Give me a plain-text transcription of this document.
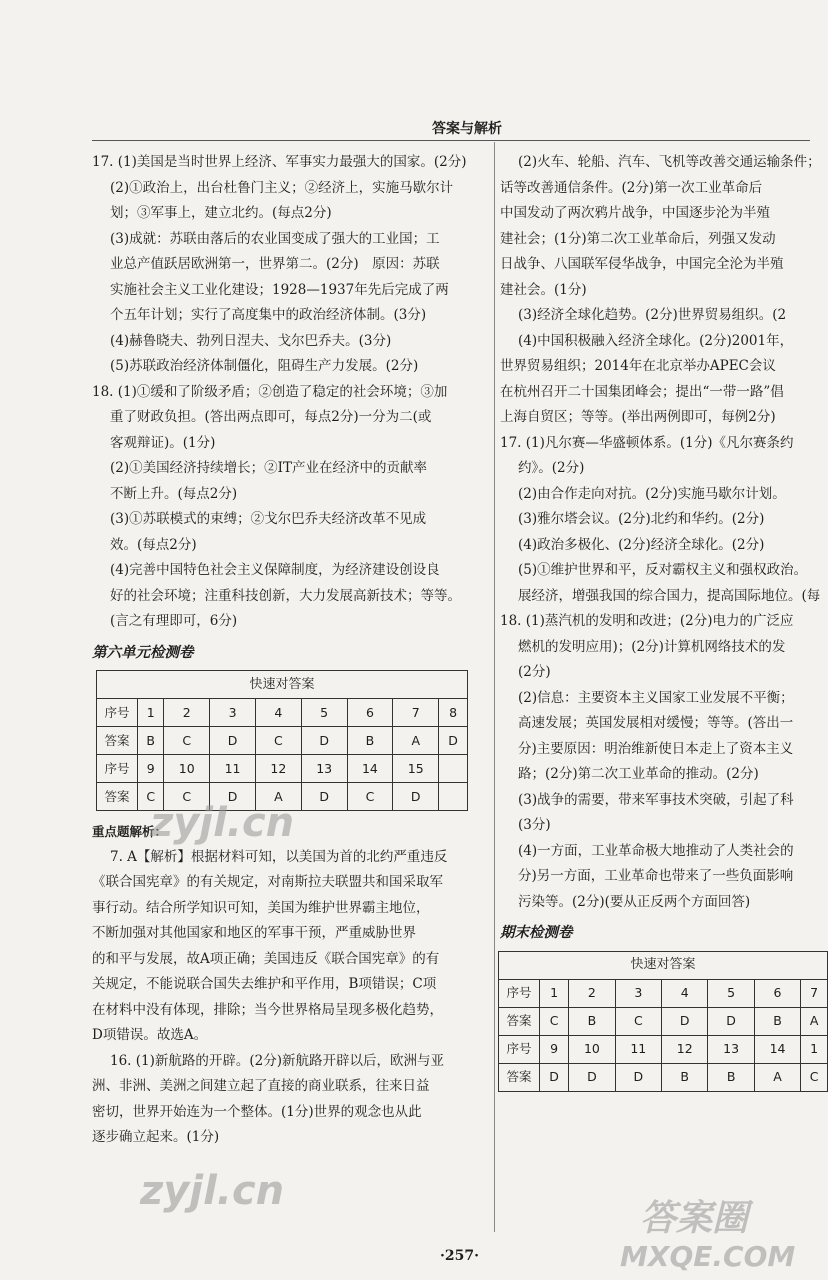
答案与解析

17. (1)美国是当时世界上经济、军事实力最强大的国家。(2分)

(2)①政治上，出台杜鲁门主义；②经济上，实施马歇尔计

划；③军事上，建立北约。(每点2分)

(3)成就：苏联由落后的农业国变成了强大的工业国；工

业总产值跃居欧洲第一，世界第二。(2分)　原因：苏联

实施社会主义工业化建设；1928—1937年先后完成了两

个五年计划；实行了高度集中的政治经济体制。(3分)

(4)赫鲁晓夫、勃列日涅夫、戈尔巴乔夫。(3分)

(5)苏联政治经济体制僵化，阻碍生产力发展。(2分)

18. (1)①缓和了阶级矛盾；②创造了稳定的社会环境；③加

重了财政负担。(答出两点即可，每点2分)一分为二(或

客观辩证)。(1分)

(2)①美国经济持续增长；②IT产业在经济中的贡献率

不断上升。(每点2分)

(3)①苏联模式的束缚；②戈尔巴乔夫经济改革不见成

效。(每点2分)

(4)完善中国特色社会主义保障制度，为经济建设创设良

好的社会环境；注重科技创新，大力发展高新技术；等等。

(言之有理即可，6分)

第六单元检测卷

快速对答案								
序号	1	2	3	4	5	6	7	8
答案	B	C	D	C	D	B	A	D
序号	9	10	11	12	13	14	15	
答案	C	C	D	A	D	C	D	

重点题解析：

7. A【解析】根据材料可知，以美国为首的北约严重违反

《联合国宪章》的有关规定，对南斯拉夫联盟共和国采取军

事行动。结合所学知识可知，美国为维护世界霸主地位，

不断加强对其他国家和地区的军事干预，严重威胁世界

的和平与发展，故A项正确；美国违反《联合国宪章》的有

关规定，不能说联合国失去维护和平作用，B项错误；C项

在材料中没有体现，排除；当今世界格局呈现多极化趋势，

D项错误。故选A。

16. (1)新航路的开辟。(2分)新航路开辟以后，欧洲与亚

洲、非洲、美洲之间建立起了直接的商业联系，往来日益

密切，世界开始连为一个整体。(1分)世界的观念也从此

逐步确立起来。(1分)

(2)火车、轮船、汽车、飞机等改善交通运输条件；

话等改善通信条件。(2分)第一次工业革命后

中国发动了两次鸦片战争，中国逐步沦为半殖

建社会；(1分)第二次工业革命后，列强又发动

日战争、八国联军侵华战争，中国完全沦为半殖

建社会。(1分)

(3)经济全球化趋势。(2分)世界贸易组织。(2

(4)中国积极融入经济全球化。(2分)2001年，

世界贸易组织；2014年在北京举办APEC会议

在杭州召开二十国集团峰会；提出“一带一路”倡

上海自贸区；等等。(举出两例即可，每例2分)

17. (1)凡尔赛—华盛顿体系。(1分)《凡尔赛条约

约》。(2分)

(2)由合作走向对抗。(2分)实施马歇尔计划。

(3)雅尔塔会议。(2分)北约和华约。(2分)

(4)政治多极化、(2分)经济全球化。(2分)

(5)①维护世界和平，反对霸权主义和强权政治。

展经济，增强我国的综合国力，提高国际地位。(每

18. (1)蒸汽机的发明和改进；(2分)电力的广泛应

燃机的发明应用)；(2分)计算机网络技术的发

(2分)

(2)信息：主要资本主义国家工业发展不平衡；

高速发展；英国发展相对缓慢；等等。(答出一

分)主要原因：明治维新使日本走上了资本主义

路；(2分)第二次工业革命的推动。(2分)

(3)战争的需要，带来军事技术突破，引起了科

(3分)

(4)一方面，工业革命极大地推动了人类社会的

分)另一方面，工业革命也带来了一些负面影响

污染等。(2分)(要从正反两个方面回答)

期末检测卷

快速对答案							
序号	1	2	3	4	5	6	7
答案	C	B	C	D	D	B	A
序号	9	10	11	12	13	14	1
答案	D	D	D	B	B	A	C
·257·
zyjl.cn
zyjl.cn
答案圈
MXQE.COM
